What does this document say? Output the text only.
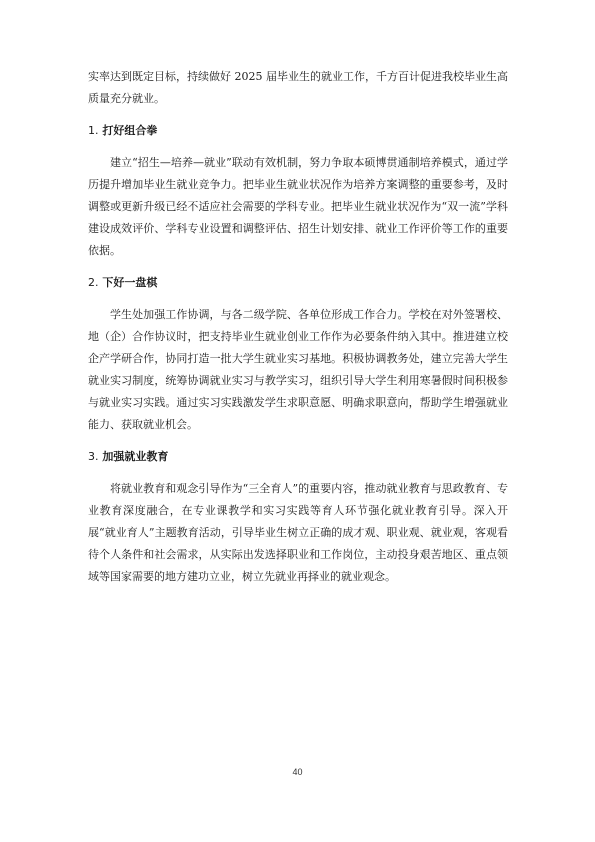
实率达到既定目标，持续做好 2025 届毕业生的就业工作，千方百计促进我校毕业生高质量充分就业。

1. 打好组合拳

建立“招生—培养—就业”联动有效机制，努力争取本硕博贯通制培养模式，通过学历提升增加毕业生就业竞争力。把毕业生就业状况作为培养方案调整的重要参考，及时调整或更新升级已经不适应社会需要的学科专业。把毕业生就业状况作为“双一流”学科建设成效评价、学科专业设置和调整评估、招生计划安排、就业工作评价等工作的重要依据。

2. 下好一盘棋

学生处加强工作协调，与各二级学院、各单位形成工作合力。学校在对外签署校、地（企）合作协议时，把支持毕业生就业创业工作作为必要条件纳入其中。推进建立校企产学研合作，协同打造一批大学生就业实习基地。积极协调教务处，建立完善大学生就业实习制度，统筹协调就业实习与教学实习，组织引导大学生利用寒暑假时间积极参与就业实习实践。通过实习实践激发学生求职意愿、明确求职意向，帮助学生增强就业能力、获取就业机会。

3. 加强就业教育

将就业教育和观念引导作为“三全育人”的重要内容，推动就业教育与思政教育、专业教育深度融合，在专业课教学和实习实践等育人环节强化就业教育引导。深入开展“就业育人”主题教育活动，引导毕业生树立正确的成才观、职业观、就业观，客观看待个人条件和社会需求，从实际出发选择职业和工作岗位，主动投身艰苦地区、重点领域等国家需要的地方建功立业，树立先就业再择业的就业观念。

40
